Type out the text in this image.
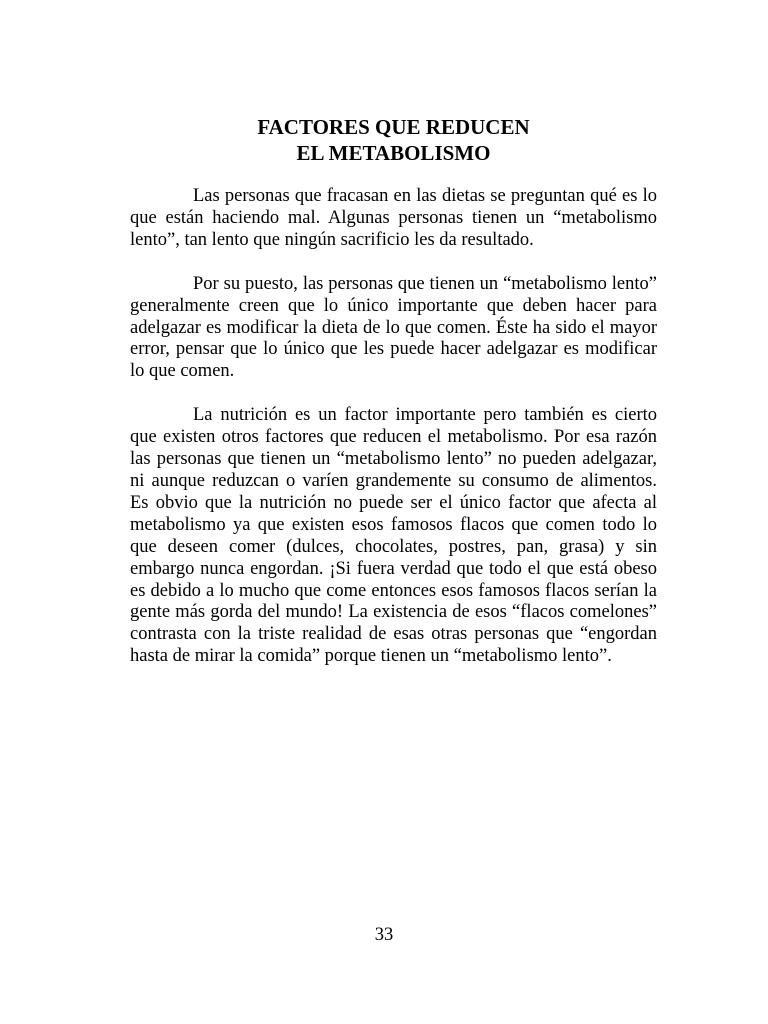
FACTORES QUE REDUCEN
EL METABOLISMO

Las personas que fracasan en las dietas se preguntan qué es lo que están haciendo mal. Algunas personas tienen un “metabolismo lento”, tan lento que ningún sacrificio les da resultado.

Por su puesto, las personas que tienen un “metabolismo lento” generalmente creen que lo único importante que deben hacer para adelgazar es modificar la dieta de lo que comen. Éste ha sido el mayor error, pensar que lo único que les puede hacer adelgazar es modificar lo que comen.

La nutrición es un factor importante pero también es cierto que existen otros factores que reducen el metabolismo. Por esa razón las personas que tienen un “metabolismo lento” no pueden adelgazar, ni aunque reduzcan o varíen grandemente su consumo de alimentos. Es obvio que la nutrición no puede ser el único factor que afecta al metabolismo ya que existen esos famosos flacos que comen todo lo que deseen comer (dulces, chocolates, postres, pan, grasa) y sin embargo nunca engordan. ¡Si fuera verdad que todo el que está obeso es debido a lo mucho que come entonces esos famosos flacos serían la gente más gorda del mundo! La existencia de esos “flacos comelones” contrasta con la triste realidad de esas otras personas que “engordan hasta de mirar la comida” porque tienen un “metabolismo lento”.

33
